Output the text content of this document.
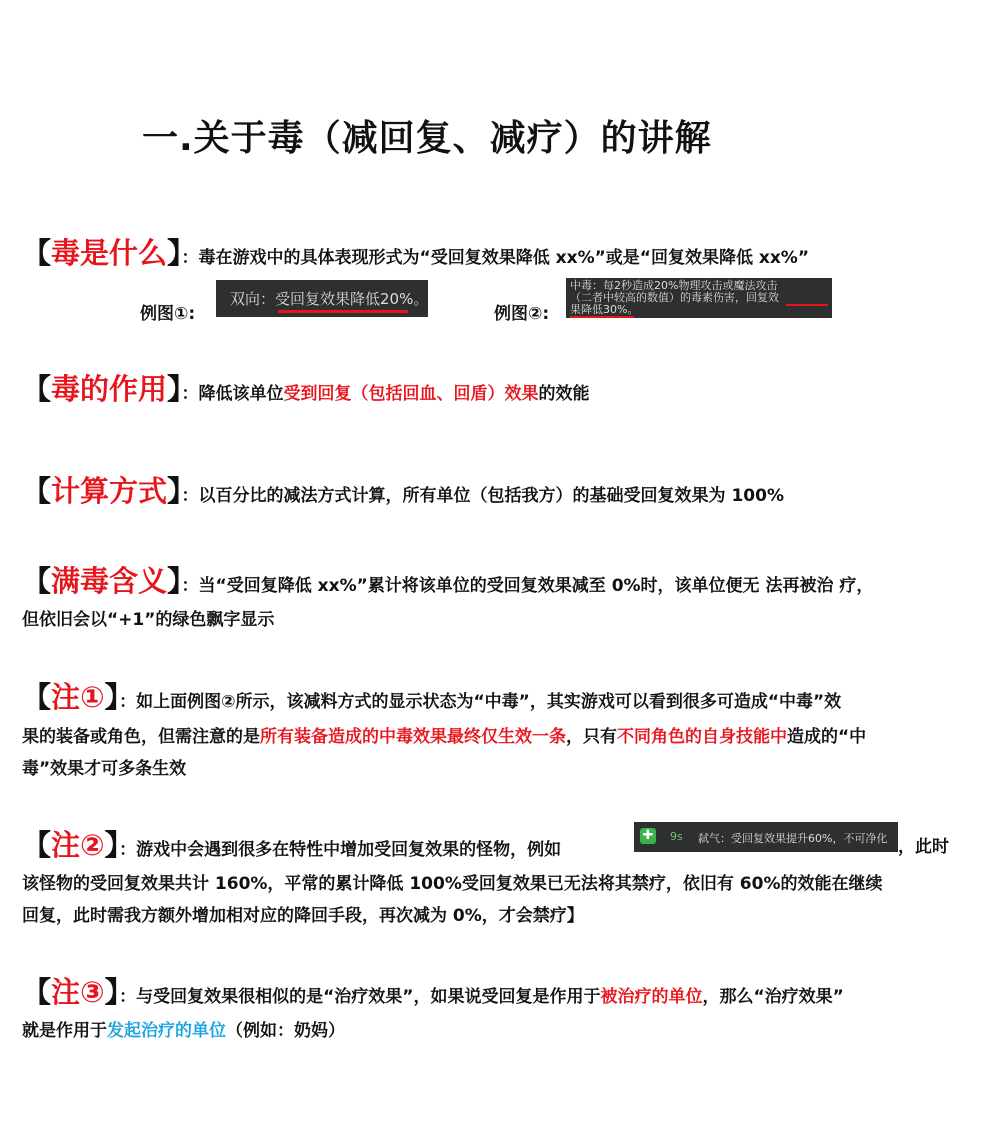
一.关于毒（减回复、减疗）的讲解
【毒是什么】：毒在游戏中的具体表现形式为“受回复效果降低 xx%”或是“回复效果降低 xx%”
例图①:
双向：受回复效果降低20%。
例图②:
中毒：每2秒造成20%物理攻击或魔法攻击
（二者中较高的数值）的毒素伤害，回复效
果降低30%。
【毒的作用】：降低该单位受到回复（包括回血、回盾）效果的效能
【计算方式】：以百分比的减法方式计算，所有单位（包括我方）的基础受回复效果为 100%
【满毒含义】：当“受回复降低 xx%”累计将该单位的受回复效果减至 0%时，该单位便无 法再被治 疗，
但依旧会以“+1”的绿色飘字显示
【注①】：如上面例图②所示，该减料方式的显示状态为“中毒”，其实游戏可以看到很多可造成“中毒”效
果的装备或角色，但需注意的是所有装备造成的中毒效果最终仅生效一条，只有不同角色的自身技能中造成的“中
毒”效果才可多条生效
【注②】：游戏中会遇到很多在特性中增加受回复效果的怪物，例如
✚ 9s 弑气：受回复效果提升60%，不可净化 ，此时
该怪物的受回复效果共计 160%，平常的累计降低 100%受回复效果已无法将其禁疗，依旧有 60%的效能在继续
回复，此时需我方额外增加相对应的降回手段，再次减为 0%，才会禁疗】
【注③】：与受回复效果很相似的是“治疗效果”，如果说受回复是作用于被治疗的单位，那么“治疗效果”
就是作用于发起治疗的单位（例如：奶妈）
